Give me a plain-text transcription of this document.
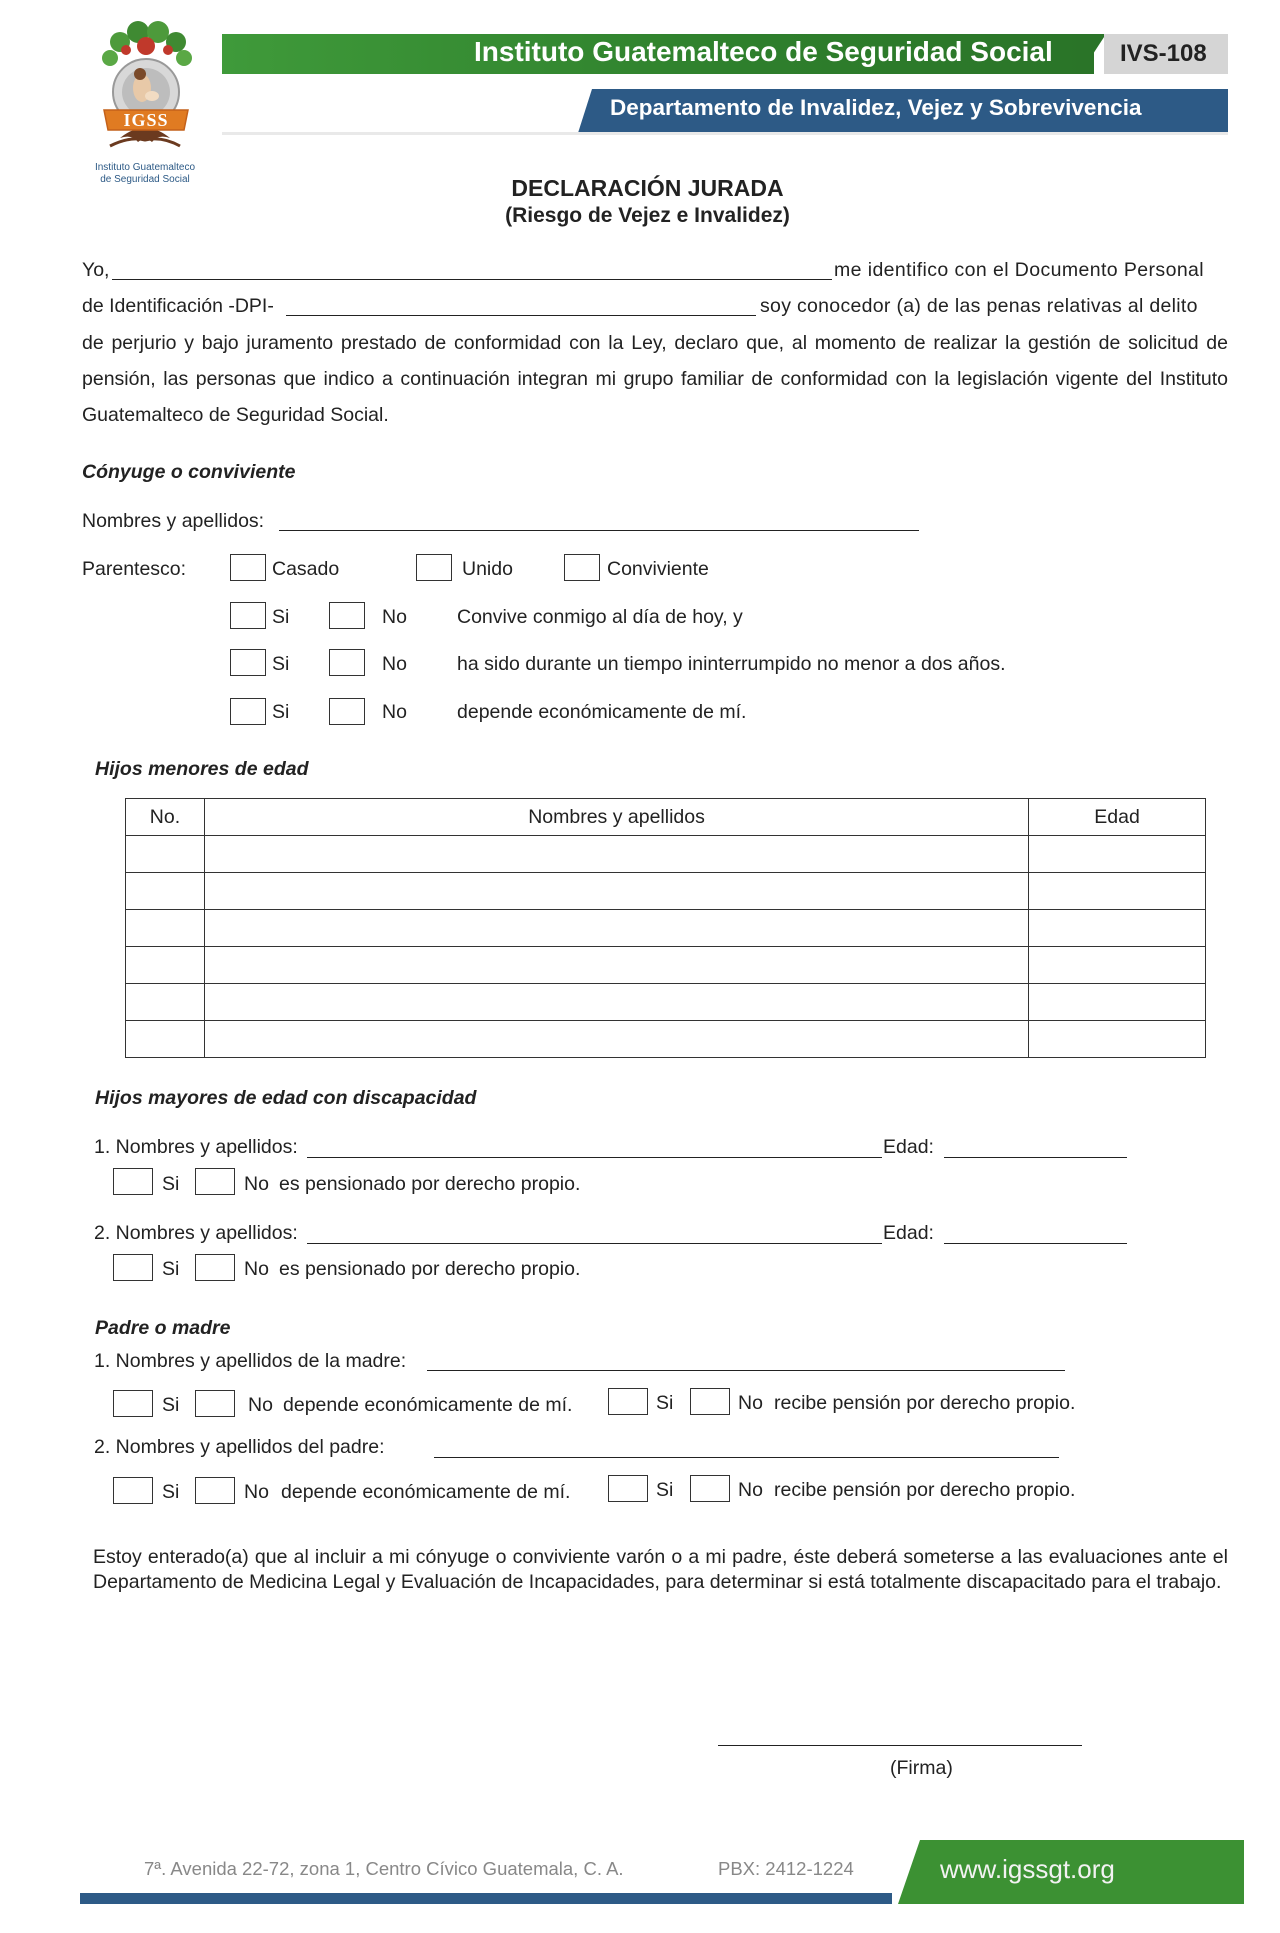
IGSS
Instituto Guatemalteco
de Seguridad Social
Instituto Guatemalteco de Seguridad Social	IVS-108
Departamento de Invalidez, Vejez y Sobrevivencia
DECLARACIÓN JURADA
(Riesgo de Vejez e Invalidez)
Yo,	me identifico con el Documento Personal
de Identificación -DPI-	soy conocedor (a) de las penas relativas al delito
de perjurio y bajo juramento prestado de conformidad con la Ley, declaro que, al momento de realizar la gestión de solicitud de pensión, las personas que indico a continuación integran mi grupo familiar de conformidad con la legislación vigente del Instituto Guatemalteco de Seguridad Social.
Cónyuge o conviviente
Nombres y apellidos:
Parentesco:	Casado	Unido	Conviviente
Si	No	Convive conmigo al día de hoy, y
Si	No	ha sido durante un tiempo ininterrumpido no menor a dos años.
Si	No	depende económicamente de mí.
Hijos menores de edad
No.	Nombres y apellidos	Edad

Hijos mayores de edad con discapacidad
1. Nombres y apellidos:	Edad:
Si	No es pensionado por derecho propio.
2. Nombres y apellidos:	Edad:
Si	No es pensionado por derecho propio.
Padre o madre
1. Nombres y apellidos de la madre:
Si	No depende económicamente de mí.	Si	No recibe pensión por derecho propio.
2. Nombres y apellidos del padre:
Si	No depende económicamente de mí.	Si	No recibe pensión por derecho propio.
Estoy enterado(a) que al incluir a mi cónyuge o conviviente varón o a mi padre, éste deberá someterse a las evaluaciones ante el Departamento de Medicina Legal y Evaluación de Incapacidades, para determinar si está totalmente discapacitado para el trabajo.
(Firma)
7ª. Avenida 22-72, zona 1, Centro Cívico Guatemala, C. A.	PBX: 2412-1224	www.igssgt.org
